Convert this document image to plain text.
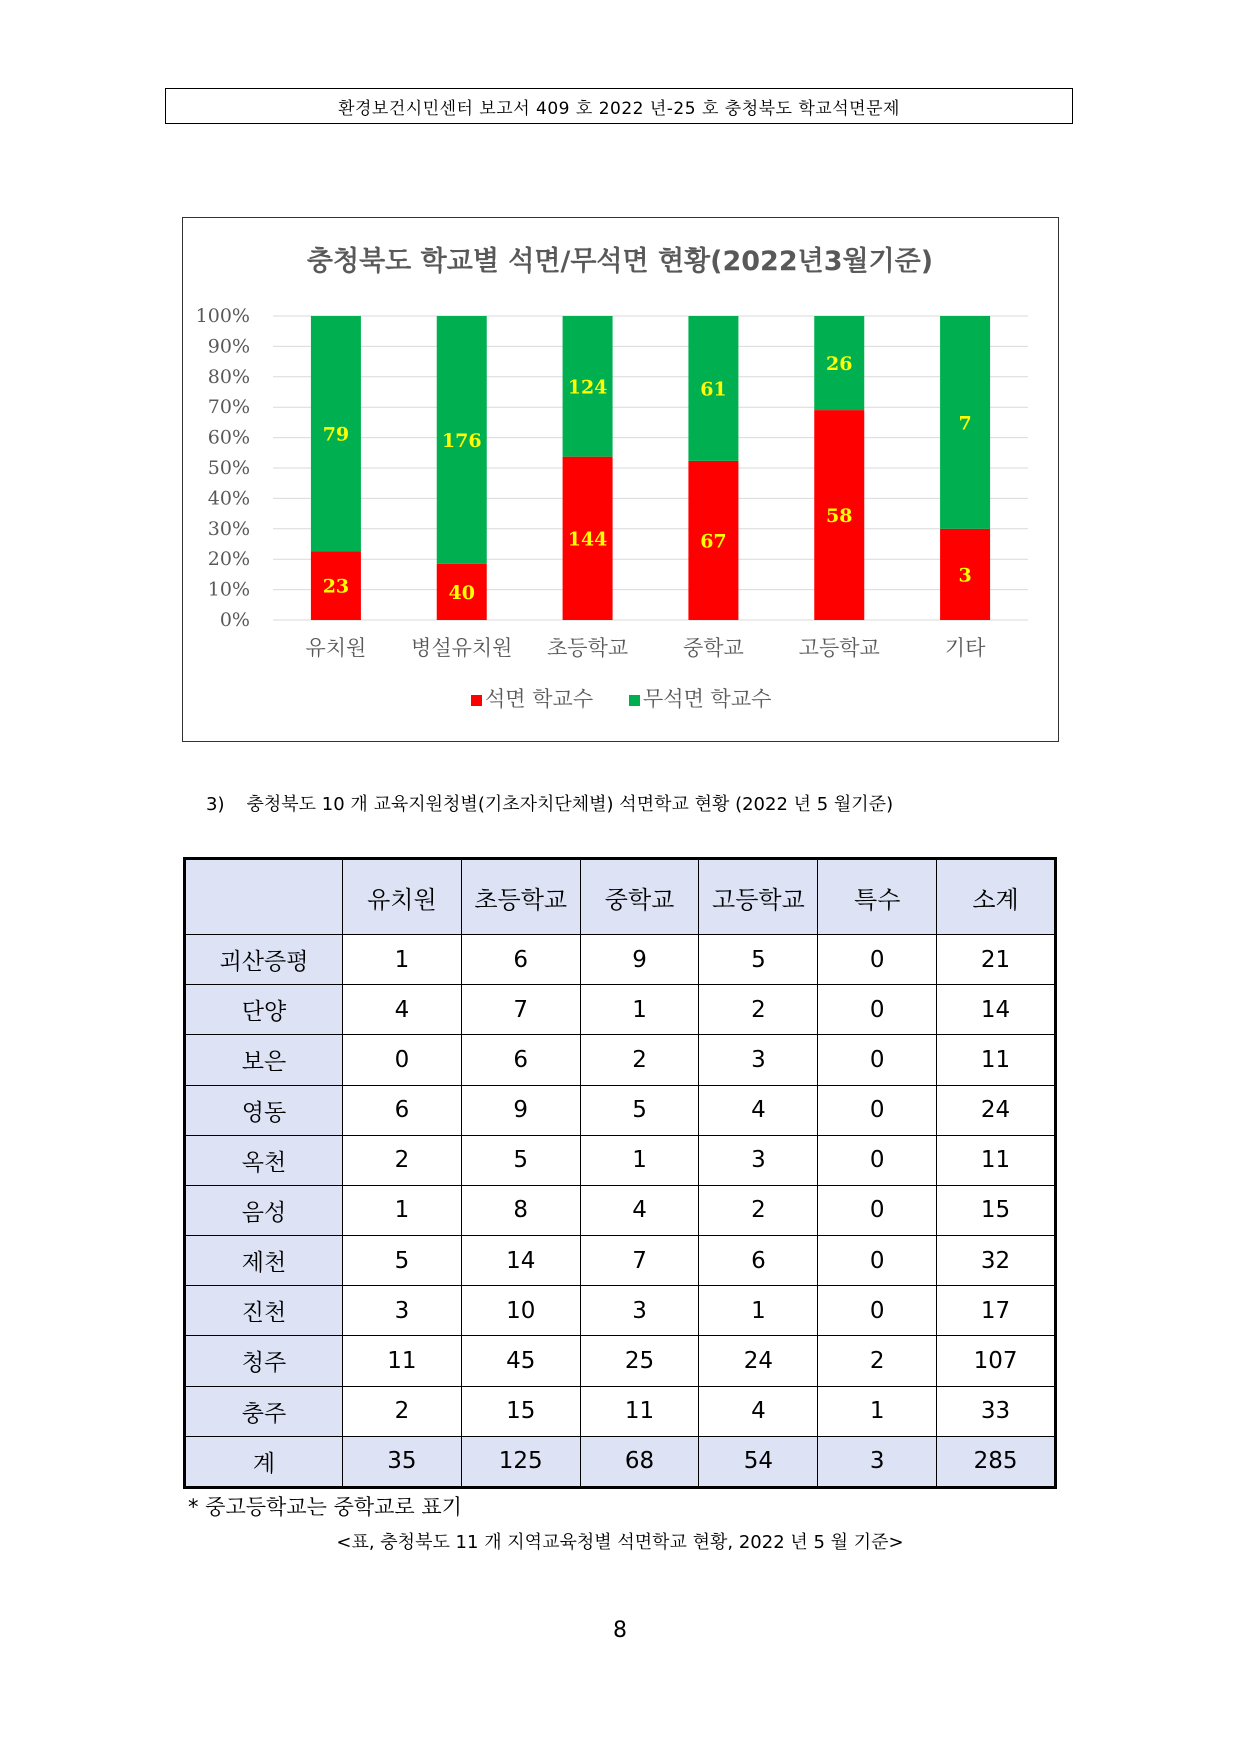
환경보건시민센터 보고서 409 호 2022 년-25 호 충청북도 학교석면문제
충청북도 학교별 석면/무석면 현황(2022년3월기준)
0%
10%
20%
30%
40%
50%
60%
70%
80%
90%
100%
23
79
유치원
40
176
병설유치원
144
124
초등학교
67
61
중학교
58
26
고등학교
3
7
기타
석면 학교수 무석면 학교수
3) 충청북도 10 개 교육지원청별(기초자치단체별) 석면학교 현황 (2022 년 5 월기준)
	유치원	초등학교	중학교	고등학교	특수	소계
괴산증평	1	6	9	5	0	21
단양	4	7	1	2	0	14
보은	0	6	2	3	0	11
영동	6	9	5	4	0	24
옥천	2	5	1	3	0	11
음성	1	8	4	2	0	15
제천	5	14	7	6	0	32
진천	3	10	3	1	0	17
청주	11	45	25	24	2	107
충주	2	15	11	4	1	33
계	35	125	68	54	3	285
* 중고등학교는 중학교로 표기
<표, 충청북도 11 개 지역교육청별 석면학교 현황, 2022 년 5 월 기준>
8
